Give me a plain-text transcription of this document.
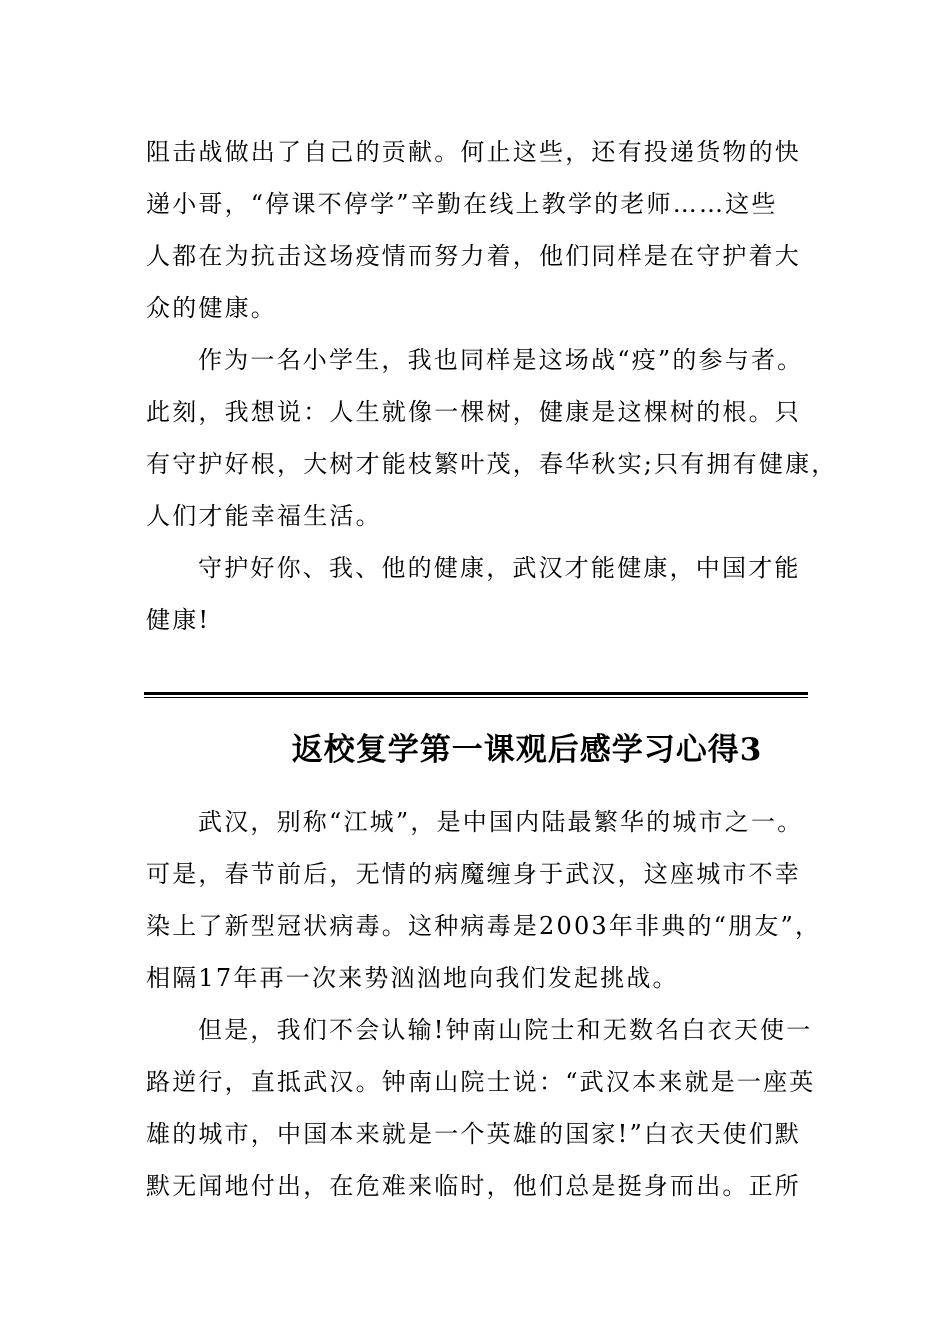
阻击战做出了自己的贡献。何止这些，还有投递货物的快
递小哥，“停课不停学”辛勤在线上教学的老师……这些
人都在为抗击这场疫情而努力着，他们同样是在守护着大
众的健康。
作为一名小学生，我也同样是这场战“疫”的参与者。
此刻，我想说：人生就像一棵树，健康是这棵树的根。只
有守护好根，大树才能枝繁叶茂，春华秋实;只有拥有健康，
人们才能幸福生活。
守护好你、我、他的健康，武汉才能健康，中国才能
健康!
返校复学第一课观后感学习心得3
武汉，别称“江城”，是中国内陆最繁华的城市之一。
可是，春节前后，无情的病魔缠身于武汉，这座城市不幸
染上了新型冠状病毒。这种病毒是2003年非典的“朋友”，
相隔17年再一次来势汹汹地向我们发起挑战。
但是，我们不会认输!钟南山院士和无数名白衣天使一
路逆行，直抵武汉。钟南山院士说：“武汉本来就是一座英
雄的城市，中国本来就是一个英雄的国家!”白衣天使们默
默无闻地付出，在危难来临时，他们总是挺身而出。正所
